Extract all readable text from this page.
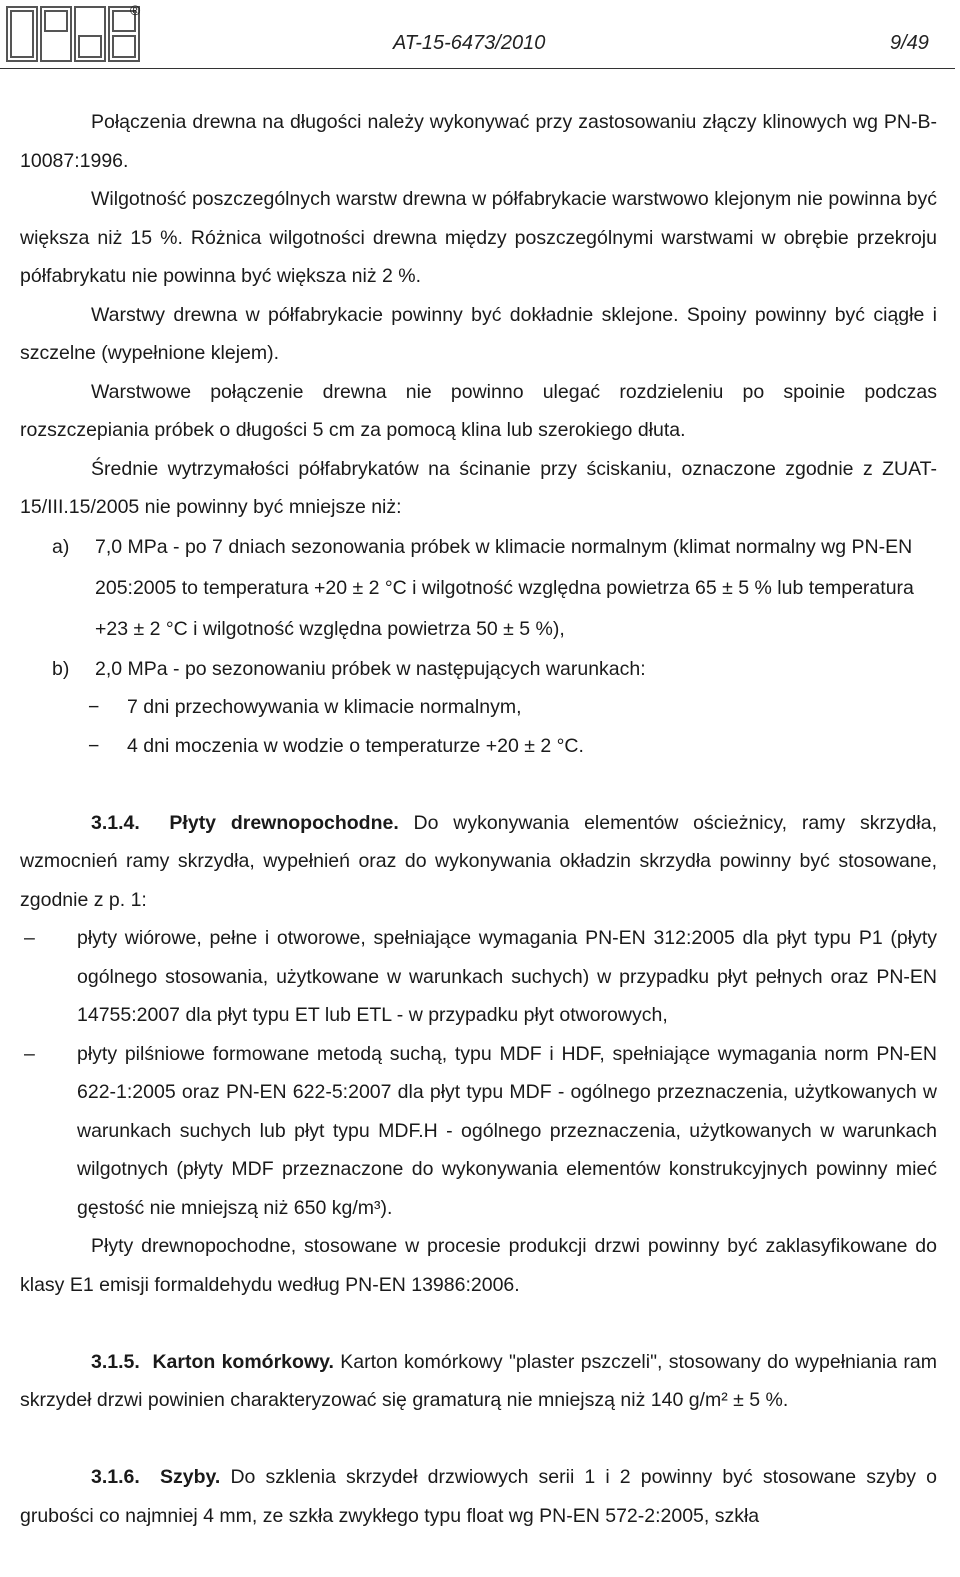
®
AT-15-6473/2010	9/49

Połączenia drewna na długości należy wykonywać przy zastosowaniu złączy klinowych wg PN-B-10087:1996.

Wilgotność poszczególnych warstw drewna w półfabrykacie warstwowo klejonym nie powinna być większa niż 15 %. Różnica wilgotności drewna między poszczególnymi warstwami w obrębie przekroju półfabrykatu nie powinna być większa niż 2 %.

Warstwy drewna w półfabrykacie powinny być dokładnie sklejone. Spoiny powinny być ciągłe i szczelne (wypełnione klejem).

Warstwowe połączenie drewna nie powinno ulegać rozdzieleniu po spoinie podczas rozszczepiania próbek o długości 5 cm za pomocą klina lub szerokiego dłuta.

Średnie wytrzymałości półfabrykatów na ścinanie przy ściskaniu, oznaczone zgodnie z ZUAT-15/III.15/2005 nie powinny być mniejsze niż:

a) 7,0 MPa - po 7 dniach sezonowania próbek w klimacie normalnym (klimat normalny wg PN-EN 205:2005 to temperatura +20 ± 2 °C i wilgotność względna powietrza 65 ± 5 % lub temperatura +23 ± 2 °C i wilgotność względna powietrza 50 ± 5 %),
b) 2,0 MPa - po sezonowaniu próbek w następujących warunkach:
− 7 dni przechowywania w klimacie normalnym,
− 4 dni moczenia w wodzie o temperaturze +20 ± 2 °C.

3.1.4. Płyty drewnopochodne. Do wykonywania elementów ościeżnicy, ramy skrzydła, wzmocnień ramy skrzydła, wypełnień oraz do wykonywania okładzin skrzydła powinny być stosowane, zgodnie z p. 1:

– płyty wiórowe, pełne i otworowe, spełniające wymagania PN-EN 312:2005 dla płyt typu P1 (płyty ogólnego stosowania, użytkowane w warunkach suchych) w przypadku płyt pełnych oraz PN-EN 14755:2007 dla płyt typu ET lub ETL - w przypadku płyt otworowych,
– płyty pilśniowe formowane metodą suchą, typu MDF i HDF, spełniające wymagania norm PN-EN 622-1:2005 oraz PN-EN 622-5:2007 dla płyt typu MDF - ogólnego przeznaczenia, użytkowanych w warunkach suchych lub płyt typu MDF.H - ogólnego przeznaczenia, użytkowanych w warunkach wilgotnych (płyty MDF przeznaczone do wykonywania elementów konstrukcyjnych powinny mieć gęstość nie mniejszą niż 650 kg/m³).

Płyty drewnopochodne, stosowane w procesie produkcji drzwi powinny być zaklasyfikowane do klasy E1 emisji formaldehydu według PN-EN 13986:2006.

3.1.5. Karton komórkowy. Karton komórkowy "plaster pszczeli", stosowany do wypełniania ram skrzydeł drzwi powinien charakteryzować się gramaturą nie mniejszą niż 140 g/m² ± 5 %.

3.1.6. Szyby. Do szklenia skrzydeł drzwiowych serii 1 i 2 powinny być stosowane szyby o grubości co najmniej 4 mm, ze szkła zwykłego typu float wg PN-EN 572-2:2005, szkła
